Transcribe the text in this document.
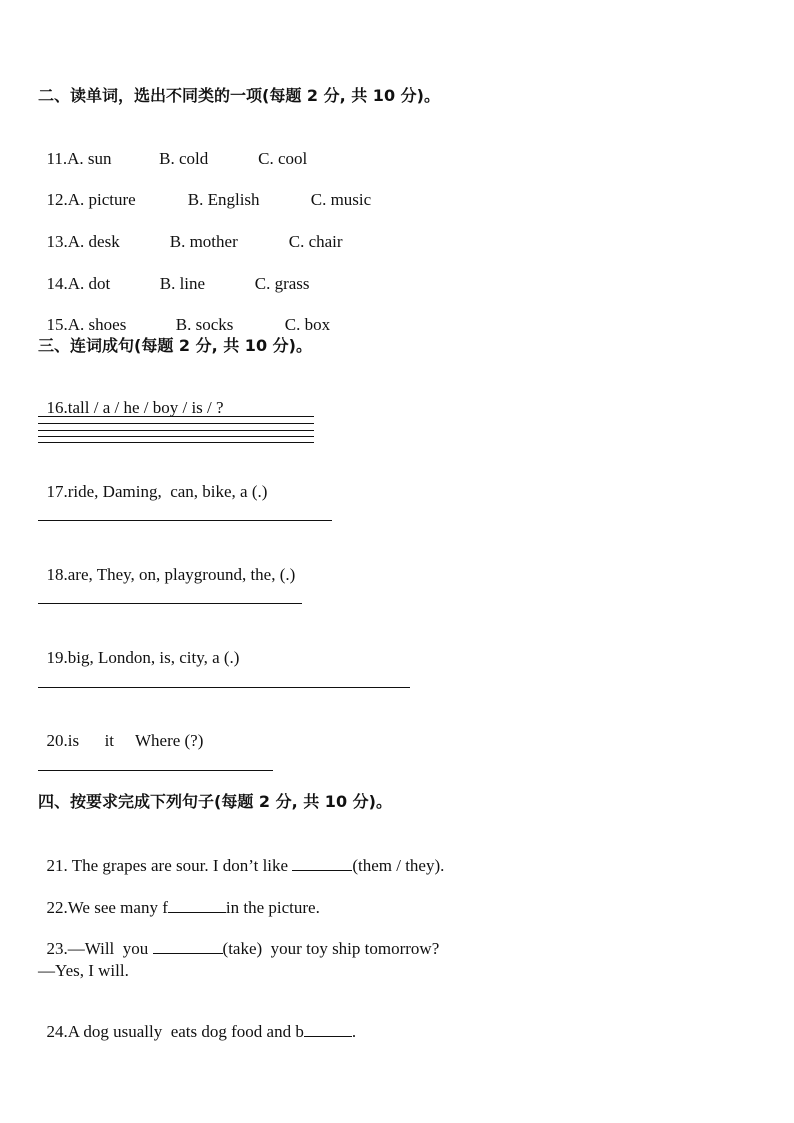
二、读单词，选出不同类的一项(每题 2 分, 共 10 分)。

11.A. sun	B. cold	C. cool

12.A. picture	B. English	C. music

13.A. desk	B. mother	C. chair

14.A. dot	B. line	C. grass

15.A. shoes	B. socks	C. box

三、连词成句(每题 2 分, 共 10 分)。

16.tall / a / he / boy / is / ?

17.ride, Daming,  can, bike, a (.)

18.are, They, on, playground, the, (.)

19.big, London, is, city, a (.)

20.is      it     Where (?)

四、按要求完成下列句子(每题 2 分, 共 10 分)。

21. The grapes are sour. I don’t like	(them / they).

22.We see many f	in the picture.

23.—Will  you	(take)  your toy ship tomorrow?

—Yes, I will.

24.A dog usually  eats dog food and b	.
